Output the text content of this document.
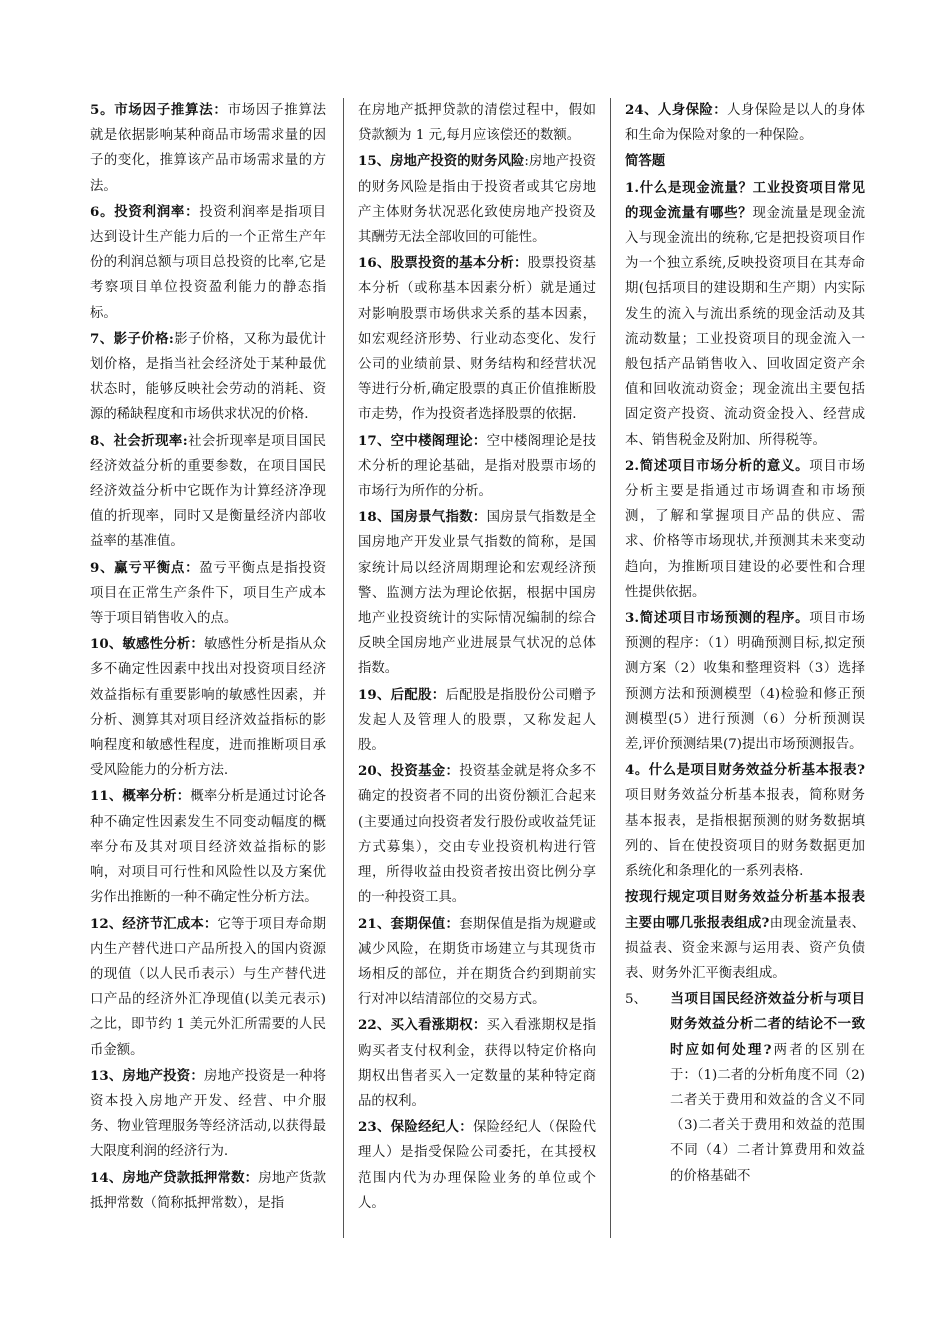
5。市场因子推算法：市场因子推算法就是依据影响某种商品市场需求量的因子的变化，推算该产品市场需求量的方法。
6。投资利润率：投资利润率是指项目达到设计生产能力后的一个正常生产年份的利润总额与项目总投资的比率,它是考察项目单位投资盈利能力的静态指标。
7、影子价格:影子价格，又称为最优计划价格，是指当社会经济处于某种最优状态时，能够反映社会劳动的消耗、资源的稀缺程度和市场供求状况的价格.
8、社会折现率:社会折现率是项目国民经济效益分析的重要参数，在项目国民经济效益分析中它既作为计算经济净现值的折现率，同时又是衡量经济内部收益率的基准值。
9、赢亏平衡点：盈亏平衡点是指投资项目在正常生产条件下，项目生产成本等于项目销售收入的点。
10、敏感性分析：敏感性分析是指从众多不确定性因素中找出对投资项目经济效益指标有重要影响的敏感性因素，并分析、测算其对项目经济效益指标的影响程度和敏感性程度，进而推断项目承受风险能力的分析方法.
11、概率分析：概率分析是通过讨论各种不确定性因素发生不同变动幅度的概率分布及其对项目经济效益指标的影响，对项目可行性和风险性以及方案优劣作出推断的一种不确定性分析方法。
12、经济节汇成本：它等于项目寿命期内生产替代进口产品所投入的国内资源的现值（以人民币表示）与生产替代进口产品的经济外汇净现值(以美元表示)之比，即节约 1 美元外汇所需要的人民币金额。
13、房地产投资：房地产投资是一种将资本投入房地产开发、经营、中介服务、物业管理服务等经济活动,以获得最大限度利润的经济行为.
14、房地产贷款抵押常数：房地产货款抵押常数（简称抵押常数），是指
在房地产抵押贷款的清偿过程中，假如贷款额为 1 元,每月应该偿还的数额。
15、房地产投资的财务风险:房地产投资的财务风险是指由于投资者或其它房地产主体财务状况恶化致使房地产投资及其酬劳无法全部收回的可能性。
16、股票投资的基本分析：股票投资基本分析（或称基本因素分析）就是通过对影响股票市场供求关系的基本因素，如宏观经济形势、行业动态变化、发行公司的业绩前景、财务结构和经营状况等进行分析,确定股票的真正价值推断股市走势，作为投资者选择股票的依据.
17、空中楼阁理论：空中楼阁理论是技术分析的理论基础，是指对股票市场的市场行为所作的分析。
18、国房景气指数：国房景气指数是全国房地产开发业景气指数的简称，是国家统计局以经济周期理论和宏观经济预警、监测方法为理论依据，根据中国房地产业投资统计的实际情况编制的综合反映全国房地产业进展景气状况的总体指数。
19、后配股：后配股是指股份公司赠予发起人及管理人的股票，又称发起人股。
20、投资基金：投资基金就是将众多不确定的投资者不同的出资份额汇合起来(主要通过向投资者发行股份或收益凭证方式募集），交由专业投资机构进行管理，所得收益由投资者按出资比例分享的一种投资工具。
21、套期保值：套期保值是指为规避或减少风险，在期货市场建立与其现货市场相反的部位，并在期货合约到期前实行对冲以结清部位的交易方式。
22、买入看涨期权：买入看涨期权是指购买者支付权利金，获得以特定价格向期权出售者买入一定数量的某种特定商品的权利。
23、保险经纪人：保险经纪人（保险代理人）是指受保险公司委托，在其授权范围内代为办理保险业务的单位或个人。
24、人身保险：人身保险是以人的身体和生命为保险对象的一种保险。
简答题
1.什么是现金流量？工业投资项目常见的现金流量有哪些？现金流量是现金流入与现金流出的统称,它是把投资项目作为一个独立系统,反映投资项目在其寿命期(包括项目的建设期和生产期）内实际发生的流入与流出系统的现金活动及其流动数量；工业投资项目的现金流入一般包括产品销售收入、回收固定资产余值和回收流动资金；现金流出主要包括固定资产投资、流动资金投入、经营成本、销售税金及附加、所得税等。
2.简述项目市场分析的意义。项目市场分析主要是指通过市场调查和市场预测，了解和掌握项目产品的供应、需求、价格等市场现状,并预测其未来变动趋向，为推断项目建设的必要性和合理性提供依据。
3.简述项目市场预测的程序。项目市场预测的程序：（1）明确预测目标,拟定预测方案（2）收集和整理资料（3）选择预测方法和预测模型（4)检验和修正预测模型(5）进行预测（6）分析预测误差,评价预测结果(7)提出市场预测报告。
4。什么是项目财务效益分析基本报表?项目财务效益分析基本报表，简称财务基本报表，是指根据预测的财务数据填列的、旨在使投资项目的财务数据更加系统化和条理化的一系列表格.
按现行规定项目财务效益分析基本报表主要由哪几张报表组成?由现金流量表、损益表、资金来源与运用表、资产负债表、财务外汇平衡表组成。
5、 当项目国民经济效益分析与项目财务效益分析二者的结论不一致时应如何处理?两者的区别在于：（1)二者的分析角度不同（2)二者关于费用和效益的含义不同（3)二者关于费用和效益的范围不同（4）二者计算费用和效益的价格基础不
